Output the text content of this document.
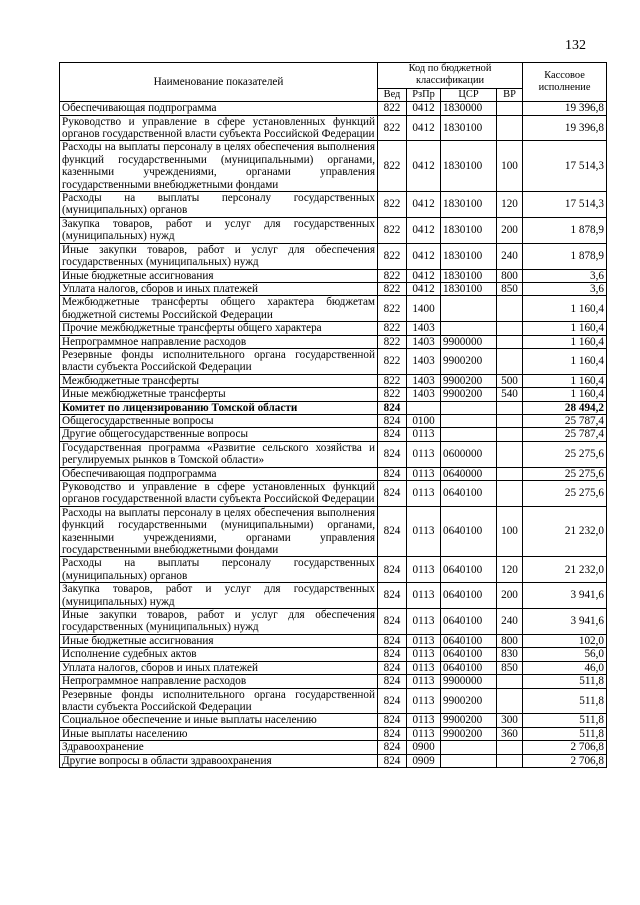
132
Наименование показателей	Код по бюджетной классификации				Кассовое исполнение
	Вед	РзПр	ЦСР	ВР	
Обеспечивающая подпрограмма	822	0412	1830000		19 396,8
Руководство и управление в сфере установленных функций органов государственной власти субъекта Российской Федерации	822	0412	1830100		19 396,8
Расходы на выплаты персоналу в целях обеспечения выполнения функций государственными (муниципальными) органами, казенными учреждениями, органами управления государственными внебюджетными фондами	822	0412	1830100	100	17 514,3
Расходы на выплаты персоналу государственных (муниципальных) органов	822	0412	1830100	120	17 514,3
Закупка товаров, работ и услуг для государственных (муниципальных) нужд	822	0412	1830100	200	1 878,9
Иные закупки товаров, работ и услуг для обеспечения государственных (муниципальных) нужд	822	0412	1830100	240	1 878,9
Иные бюджетные ассигнования	822	0412	1830100	800	3,6
Уплата налогов, сборов и иных платежей	822	0412	1830100	850	3,6
Межбюджетные трансферты общего характера бюджетам бюджетной системы Российской Федерации	822	1400			1 160,4
Прочие межбюджетные трансферты общего характера	822	1403			1 160,4
Непрограммное направление расходов	822	1403	9900000		1 160,4
Резервные фонды исполнительного органа государственной власти субъекта Российской Федерации	822	1403	9900200		1 160,4
Межбюджетные трансферты	822	1403	9900200	500	1 160,4
Иные межбюджетные трансферты	822	1403	9900200	540	1 160,4
Комитет по лицензированию Томской области	824				28 494,2
Общегосударственные вопросы	824	0100			25 787,4
Другие общегосударственные вопросы	824	0113			25 787,4
Государственная программа «Развитие сельского хозяйства и регулируемых рынков в Томской области»	824	0113	0600000		25 275,6
Обеспечивающая подпрограмма	824	0113	0640000		25 275,6
Руководство и управление в сфере установленных функций органов государственной власти субъекта Российской Федерации	824	0113	0640100		25 275,6
Расходы на выплаты персоналу в целях обеспечения выполнения функций государственными (муниципальными) органами, казенными учреждениями, органами управления государственными внебюджетными фондами	824	0113	0640100	100	21 232,0
Расходы на выплаты персоналу государственных (муниципальных) органов	824	0113	0640100	120	21 232,0
Закупка товаров, работ и услуг для государственных (муниципальных) нужд	824	0113	0640100	200	3 941,6
Иные закупки товаров, работ и услуг для обеспечения государственных (муниципальных) нужд	824	0113	0640100	240	3 941,6
Иные бюджетные ассигнования	824	0113	0640100	800	102,0
Исполнение судебных актов	824	0113	0640100	830	56,0
Уплата налогов, сборов и иных платежей	824	0113	0640100	850	46,0
Непрограммное направление расходов	824	0113	9900000		511,8
Резервные фонды исполнительного органа государственной власти субъекта Российской Федерации	824	0113	9900200		511,8
Социальное обеспечение и иные выплаты населению	824	0113	9900200	300	511,8
Иные выплаты населению	824	0113	9900200	360	511,8
Здравоохранение	824	0900			2 706,8
Другие вопросы в области здравоохранения	824	0909			2 706,8
